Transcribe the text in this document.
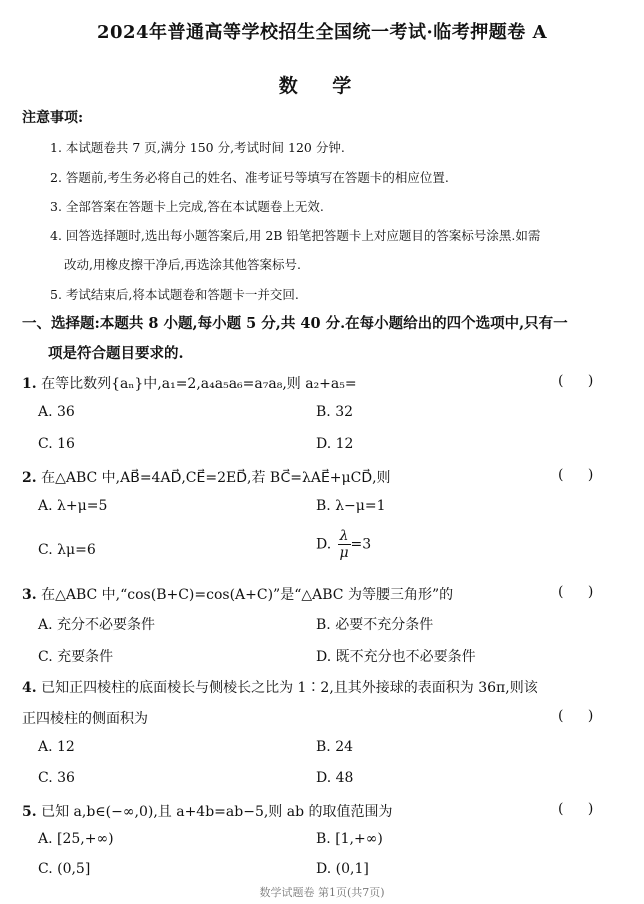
2024年普通高等学校招生全国统一考试·临考押题卷 A
数 学
注意事项:
1. 本试题卷共 7 页,满分 150 分,考试时间 120 分钟.
2. 答题前,考生务必将自己的姓名、准考证号等填写在答题卡的相应位置.
3. 全部答案在答题卡上完成,答在本试题卷上无效.
4. 回答选择题时,选出每小题答案后,用 2B 铅笔把答题卡上对应题目的答案标号涂黑.如需
改动,用橡皮擦干净后,再选涂其他答案标号.
5. 考试结束后,将本试题卷和答题卡一并交回.
一、选择题:本题共 8 小题,每小题 5 分,共 40 分.在每小题给出的四个选项中,只有一
项是符合题目要求的.
1. 在等比数列{aₙ}中,a₁=2,a₄a₅a₆=a₇a₈,则 a₂+a₅=	( )
A. 36	B. 32
C. 16	D. 12
2. 在△ABC 中,AB⃗=4AD⃗,CE⃗=2ED⃗,若 BC⃗=λAE⃗+μCD⃗,则	( )
A. λ+μ=5	B. λ−μ=1
C. λμ=6	D. $\frac{\lambda}{\mu} =3$
3. 在△ABC 中,“cos(B+C)=cos(A+C)”是“△ABC 为等腰三角形”的	( )
A. 充分不必要条件	B. 必要不充分条件
C. 充要条件	D. 既不充分也不必要条件
4. 已知正四棱柱的底面棱长与侧棱长之比为 1∶2,且其外接球的表面积为 36π,则该
正四棱柱的侧面积为	( )
A. 12	B. 24
C. 36	D. 48
5. 已知 a,b∈(−∞,0),且 a+4b=ab−5,则 ab 的取值范围为	( )
A. [25,+∞)	B. [1,+∞)
C. (0,5]	D. (0,1]
数学试题卷 第1页(共7页)
